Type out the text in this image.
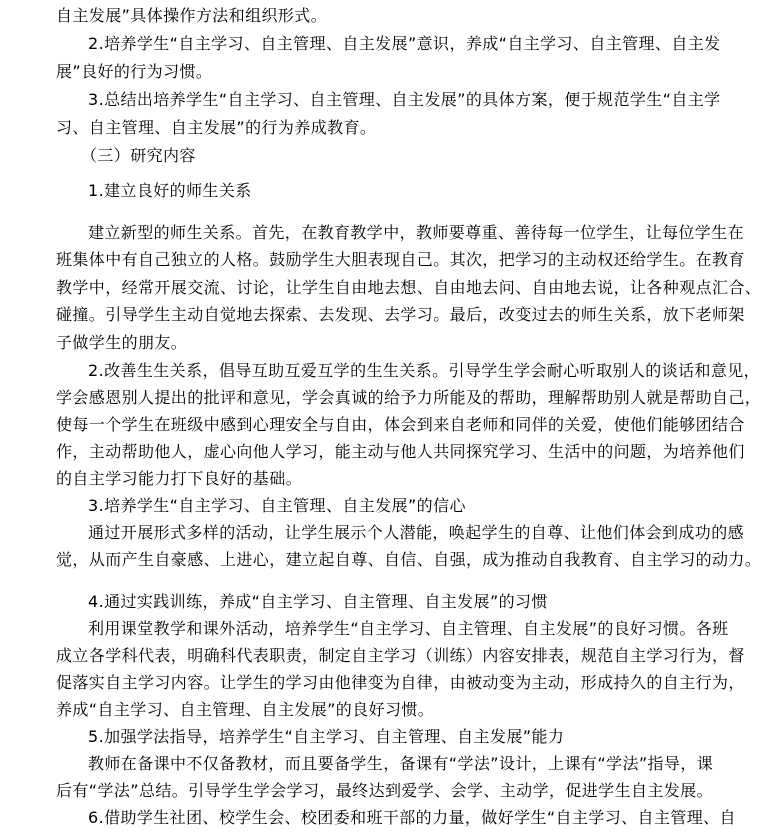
自主发展”具体操作方法和组织形式。
2.培养学生“自主学习、自主管理、自主发展”意识，养成“自主学习、自主管理、自主发
展”良好的行为习惯。
3.总结出培养学生“自主学习、自主管理、自主发展”的具体方案，便于规范学生“自主学
习、自主管理、自主发展”的行为养成教育。
（三）研究内容
1.建立良好的师生关系
建立新型的师生关系。首先，在教育教学中，教师要尊重、善待每一位学生，让每位学生在
班集体中有自己独立的人格。鼓励学生大胆表现自己。其次，把学习的主动权还给学生。在教育
教学中，经常开展交流、讨论，让学生自由地去想、自由地去问、自由地去说，让各种观点汇合、
碰撞。引导学生主动自觉地去探索、去发现、去学习。最后，改变过去的师生关系，放下老师架
子做学生的朋友。
2.改善生生关系，倡导互助互爱互学的生生关系。引导学生学会耐心听取别人的谈话和意见，
学会感恩别人提出的批评和意见，学会真诚的给予力所能及的帮助，理解帮助别人就是帮助自己，
使每一个学生在班级中感到心理安全与自由，体会到来自老师和同伴的关爱，使他们能够团结合
作，主动帮助他人，虚心向他人学习，能主动与他人共同探究学习、生活中的问题，为培养他们
的自主学习能力打下良好的基础。
3.培养学生“自主学习、自主管理、自主发展”的信心
通过开展形式多样的活动，让学生展示个人潜能，唤起学生的自尊、让他们体会到成功的感
觉，从而产生自豪感、上进心，建立起自尊、自信、自强，成为推动自我教育、自主学习的动力。
4.通过实践训练，养成“自主学习、自主管理、自主发展”的习惯
利用课堂教学和课外活动，培养学生“自主学习、自主管理、自主发展”的良好习惯。各班
成立各学科代表，明确科代表职责，制定自主学习（训练）内容安排表，规范自主学习行为，督
促落实自主学习内容。让学生的学习由他律变为自律，由被动变为主动，形成持久的自主行为，
养成“自主学习、自主管理、自主发展”的良好习惯。
5.加强学法指导，培养学生“自主学习、自主管理、自主发展”能力
教师在备课中不仅备教材，而且要备学生，备课有“学法”设计，上课有“学法”指导，课
后有“学法”总结。引导学生学会学习，最终达到爱学、会学、主动学，促进学生自主发展。
6.借助学生社团、校学生会、校团委和班干部的力量，做好学生“自主学习、自主管理、自
